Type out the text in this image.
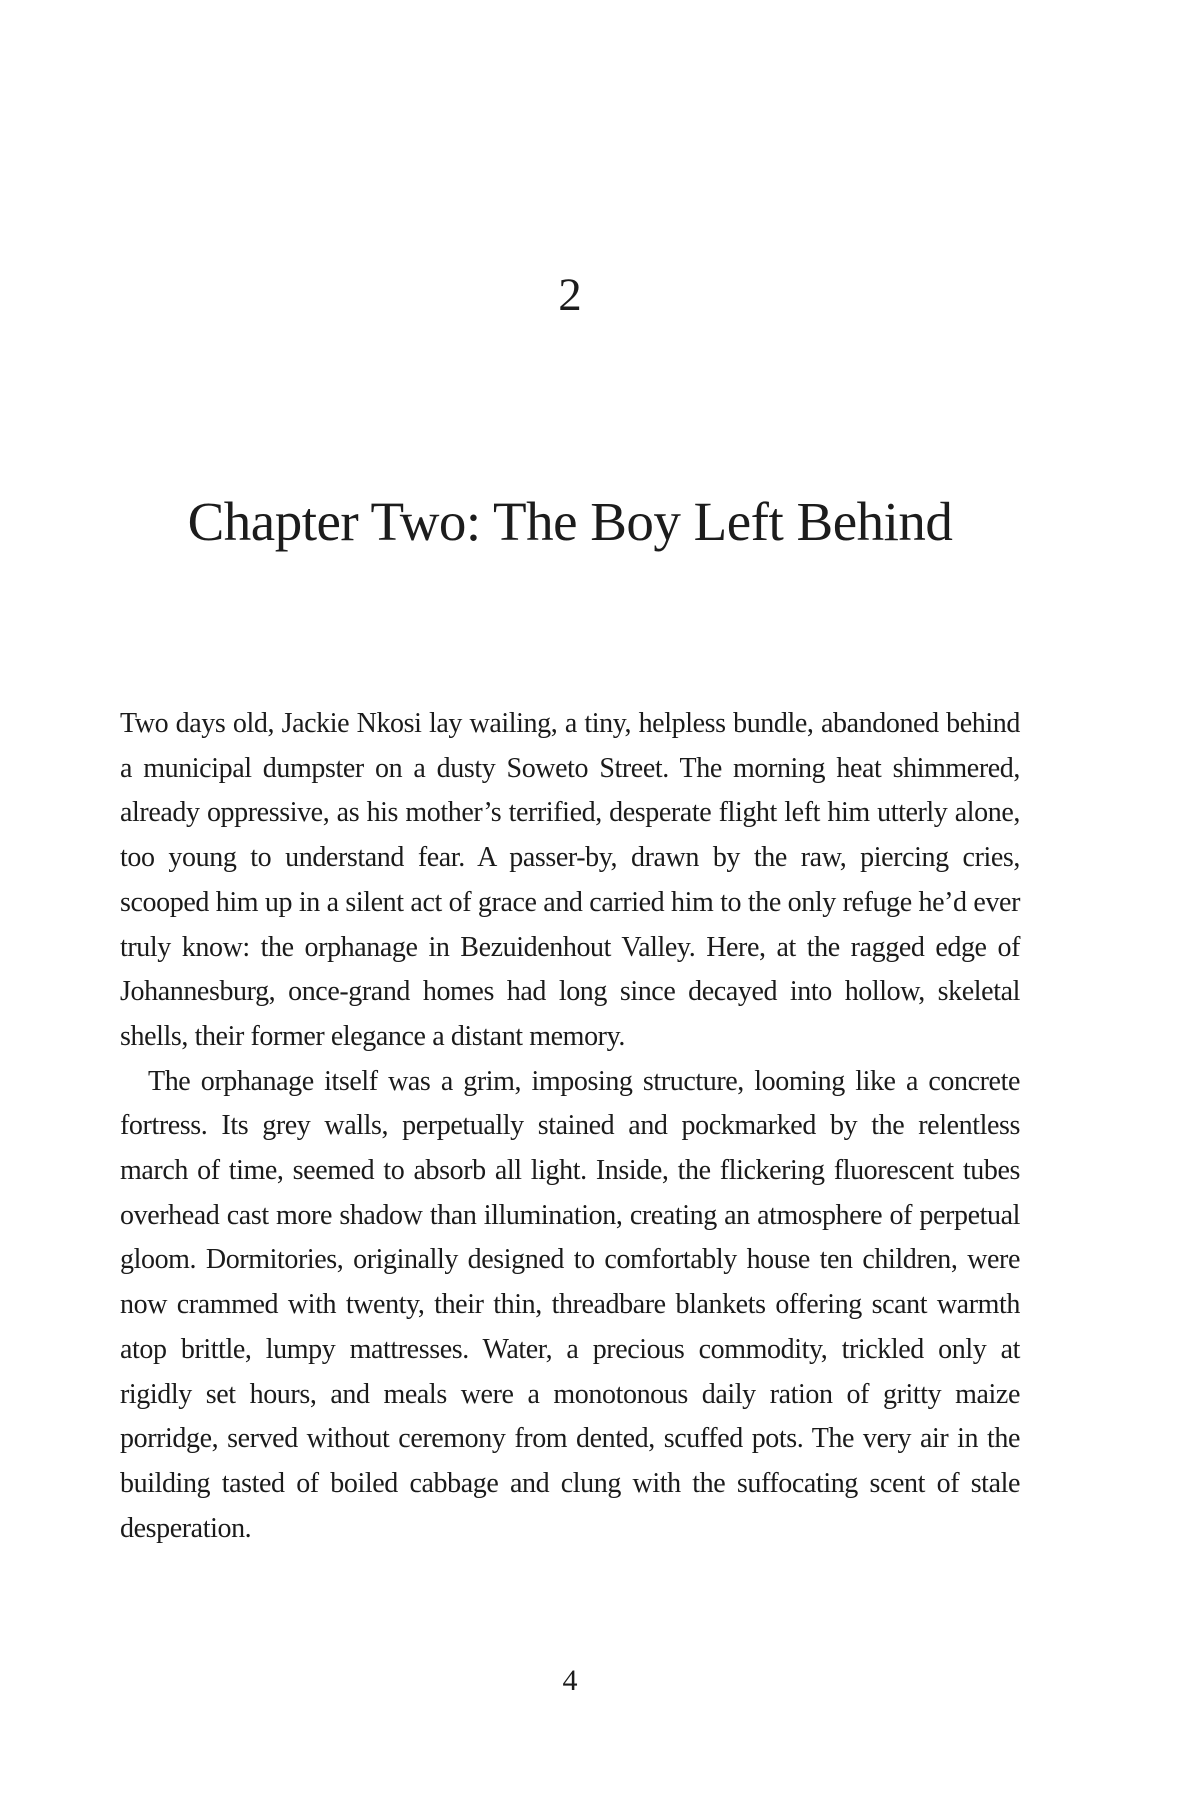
2
Chapter Two: The Boy Left Behind

Two days old, Jackie Nkosi lay wailing, a tiny, helpless bundle, abandoned behind a municipal dumpster on a dusty Soweto Street. The morning heat shimmered, already oppressive, as his mother’s terrified, desperate flight left him utterly alone, too young to understand fear. A passer-by, drawn by the raw, piercing cries, scooped him up in a silent act of grace and carried him to the only refuge he’d ever truly know: the orphanage in Bezuidenhout Valley. Here, at the ragged edge of Johannesburg, once-grand homes had long since decayed into hollow, skeletal shells, their former elegance a distant memory.

The orphanage itself was a grim, imposing structure, looming like a concrete fortress. Its grey walls, perpetually stained and pockmarked by the relentless march of time, seemed to absorb all light. Inside, the flickering fluorescent tubes overhead cast more shadow than illumination, creating an atmosphere of perpetual gloom. Dormitories, originally designed to comfortably house ten children, were now crammed with twenty, their thin, threadbare blankets offering scant warmth atop brittle, lumpy mattresses. Water, a precious commodity, trickled only at rigidly set hours, and meals were a monotonous daily ration of gritty maize porridge, served without ceremony from dented, scuffed pots. The very air in the building tasted of boiled cabbage and clung with the suffocating scent of stale desperation.

4
